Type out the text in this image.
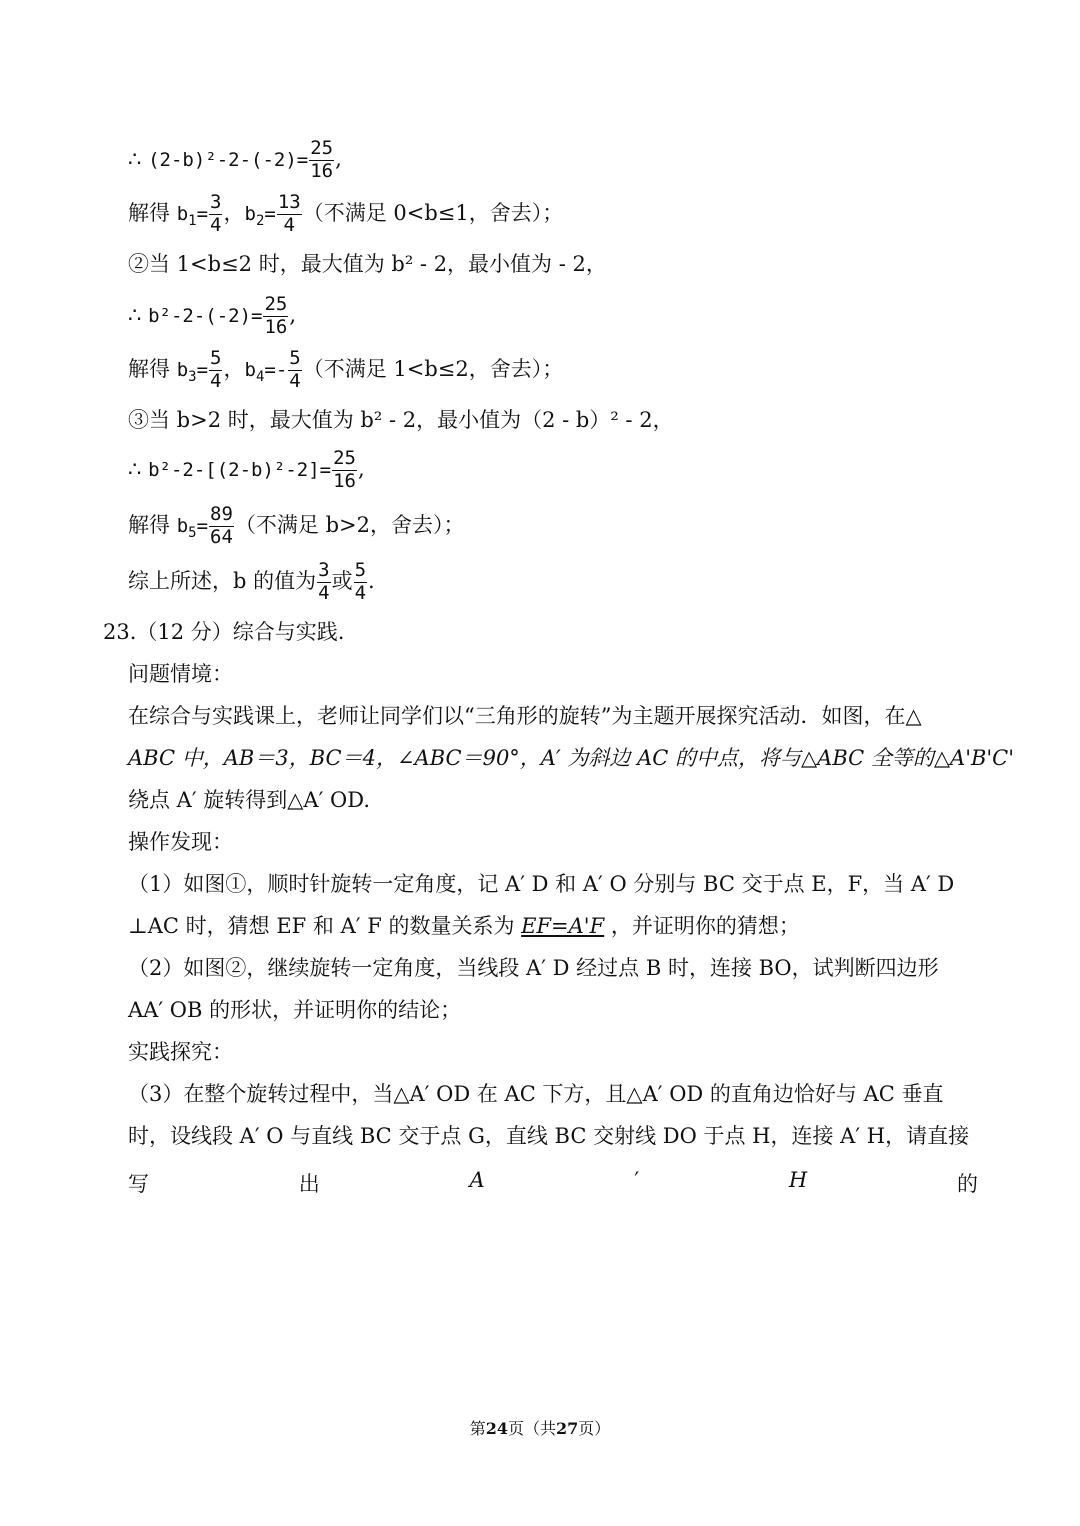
∴ $(2-b)^2-2-(-2)= \frac{25}{16}$ ,
解得 $b_1= \frac{3}{4}$ ，$b_2= \frac{13}{4}$ （不满足 0<b≤1，舍去）；
②当 1<b≤2 时，最大值为 b² - 2，最小值为 - 2，
∴ $b^2-2-(-2)= \frac{25}{16}$ ,
解得 $b_3= \frac{5}{4}$ ，$b_4=- \frac{5}{4}$ （不满足 1<b≤2，舍去）；
③当 b>2 时，最大值为 b² - 2，最小值为（2 - b）² - 2，
∴ $b^2-2-[(2-b)^2-2]= \frac{25}{16}$ ,
解得 $b_5= \frac{89}{64}$ （不满足 b>2，舍去）；
综上所述，b 的值为 $\frac{3}{4}$ 或 $\frac{5}{4}$ .
23.（12 分）综合与实践.
问题情境：
在综合与实践课上，老师让同学们以“三角形的旋转”为主题开展探究活动．如图，在△
ABC 中，AB＝3，BC＝4，∠ABC＝90°，A′ 为斜边 AC 的中点，将与△ABC 全等的△A'B'C'
绕点 A′ 旋转得到△A′ OD.
操作发现：
（1）如图①，顺时针旋转一定角度，记 A′ D 和 A′ O 分别与 BC 交于点 E，F，当 A′ D
⊥AC 时，猜想 EF 和 A′ F 的数量关系为 EF=A'F ，并证明你的猜想；
（2）如图②，继续旋转一定角度，当线段 A′ D 经过点 B 时，连接 BO，试判断四边形
AA′ OB 的形状，并证明你的结论；
实践探究：
（3）在整个旋转过程中，当△A′ OD 在 AC 下方，且△A′ OD 的直角边恰好与 AC 垂直
时，设线段 A′ O 与直线 BC 交于点 G，直线 BC 交射线 DO 于点 H，连接 A′ H，请直接
写	出	A	′	H	的
第24页（共27页）
